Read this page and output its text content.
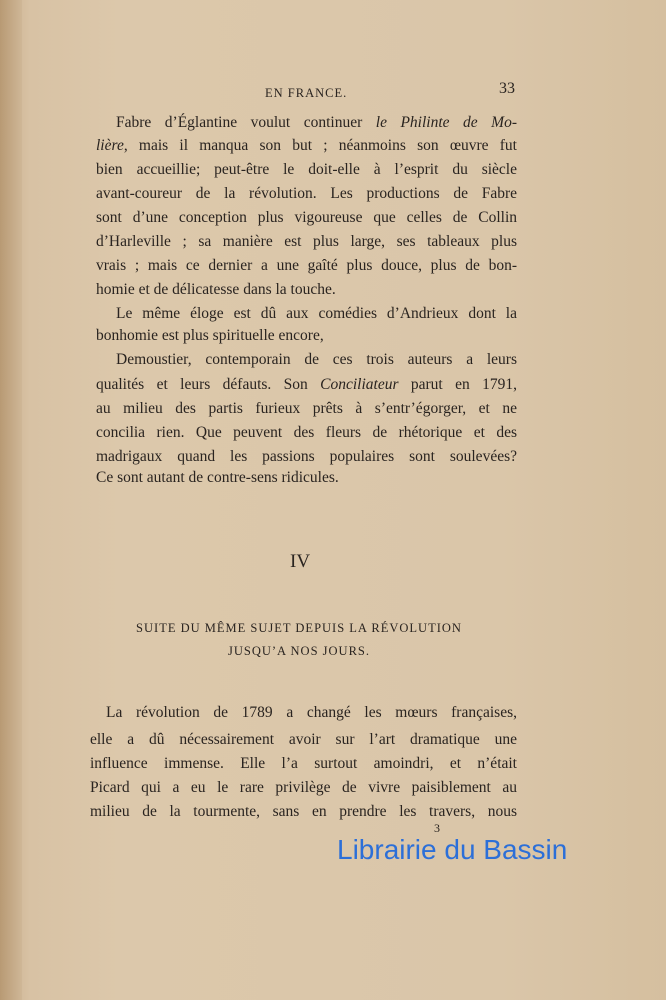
EN FRANCE.	33
Fabre d’Églantine voulut continuer le Philinte de Mo-
lière, mais il manqua son but ; néanmoins son œuvre fut
bien accueillie; peut-être le doit-elle à l’esprit du siècle
avant-coureur de la révolution. Les productions de Fabre
sont d’une conception plus vigoureuse que celles de Collin
d’Harleville ; sa manière est plus large, ses tableaux plus
vrais ; mais ce dernier a une gaîté plus douce, plus de bon-
homie et de délicatesse dans la touche.
Le même éloge est dû aux comédies d’Andrieux dont la
bonhomie est plus spirituelle encore,
Demoustier, contemporain de ces trois auteurs a leurs
qualités et leurs défauts. Son Conciliateur parut en 1791,
au milieu des partis furieux prêts à s’entr’égorger, et ne
concilia rien. Que peuvent des fleurs de rhétorique et des
madrigaux quand les passions populaires sont soulevées?
Ce sont autant de contre-sens ridicules.
IV
SUITE DU MÊME SUJET DEPUIS LA RÉVOLUTION
JUSQU’A NOS JOURS.
La révolution de 1789 a changé les mœurs françaises,
elle a dû nécessairement avoir sur l’art dramatique une
influence immense. Elle l’a surtout amoindri, et n’était
Picard qui a eu le rare privilège de vivre paisiblement au
milieu de la tourmente, sans en prendre les travers, nous
3
Librairie du Bassin
